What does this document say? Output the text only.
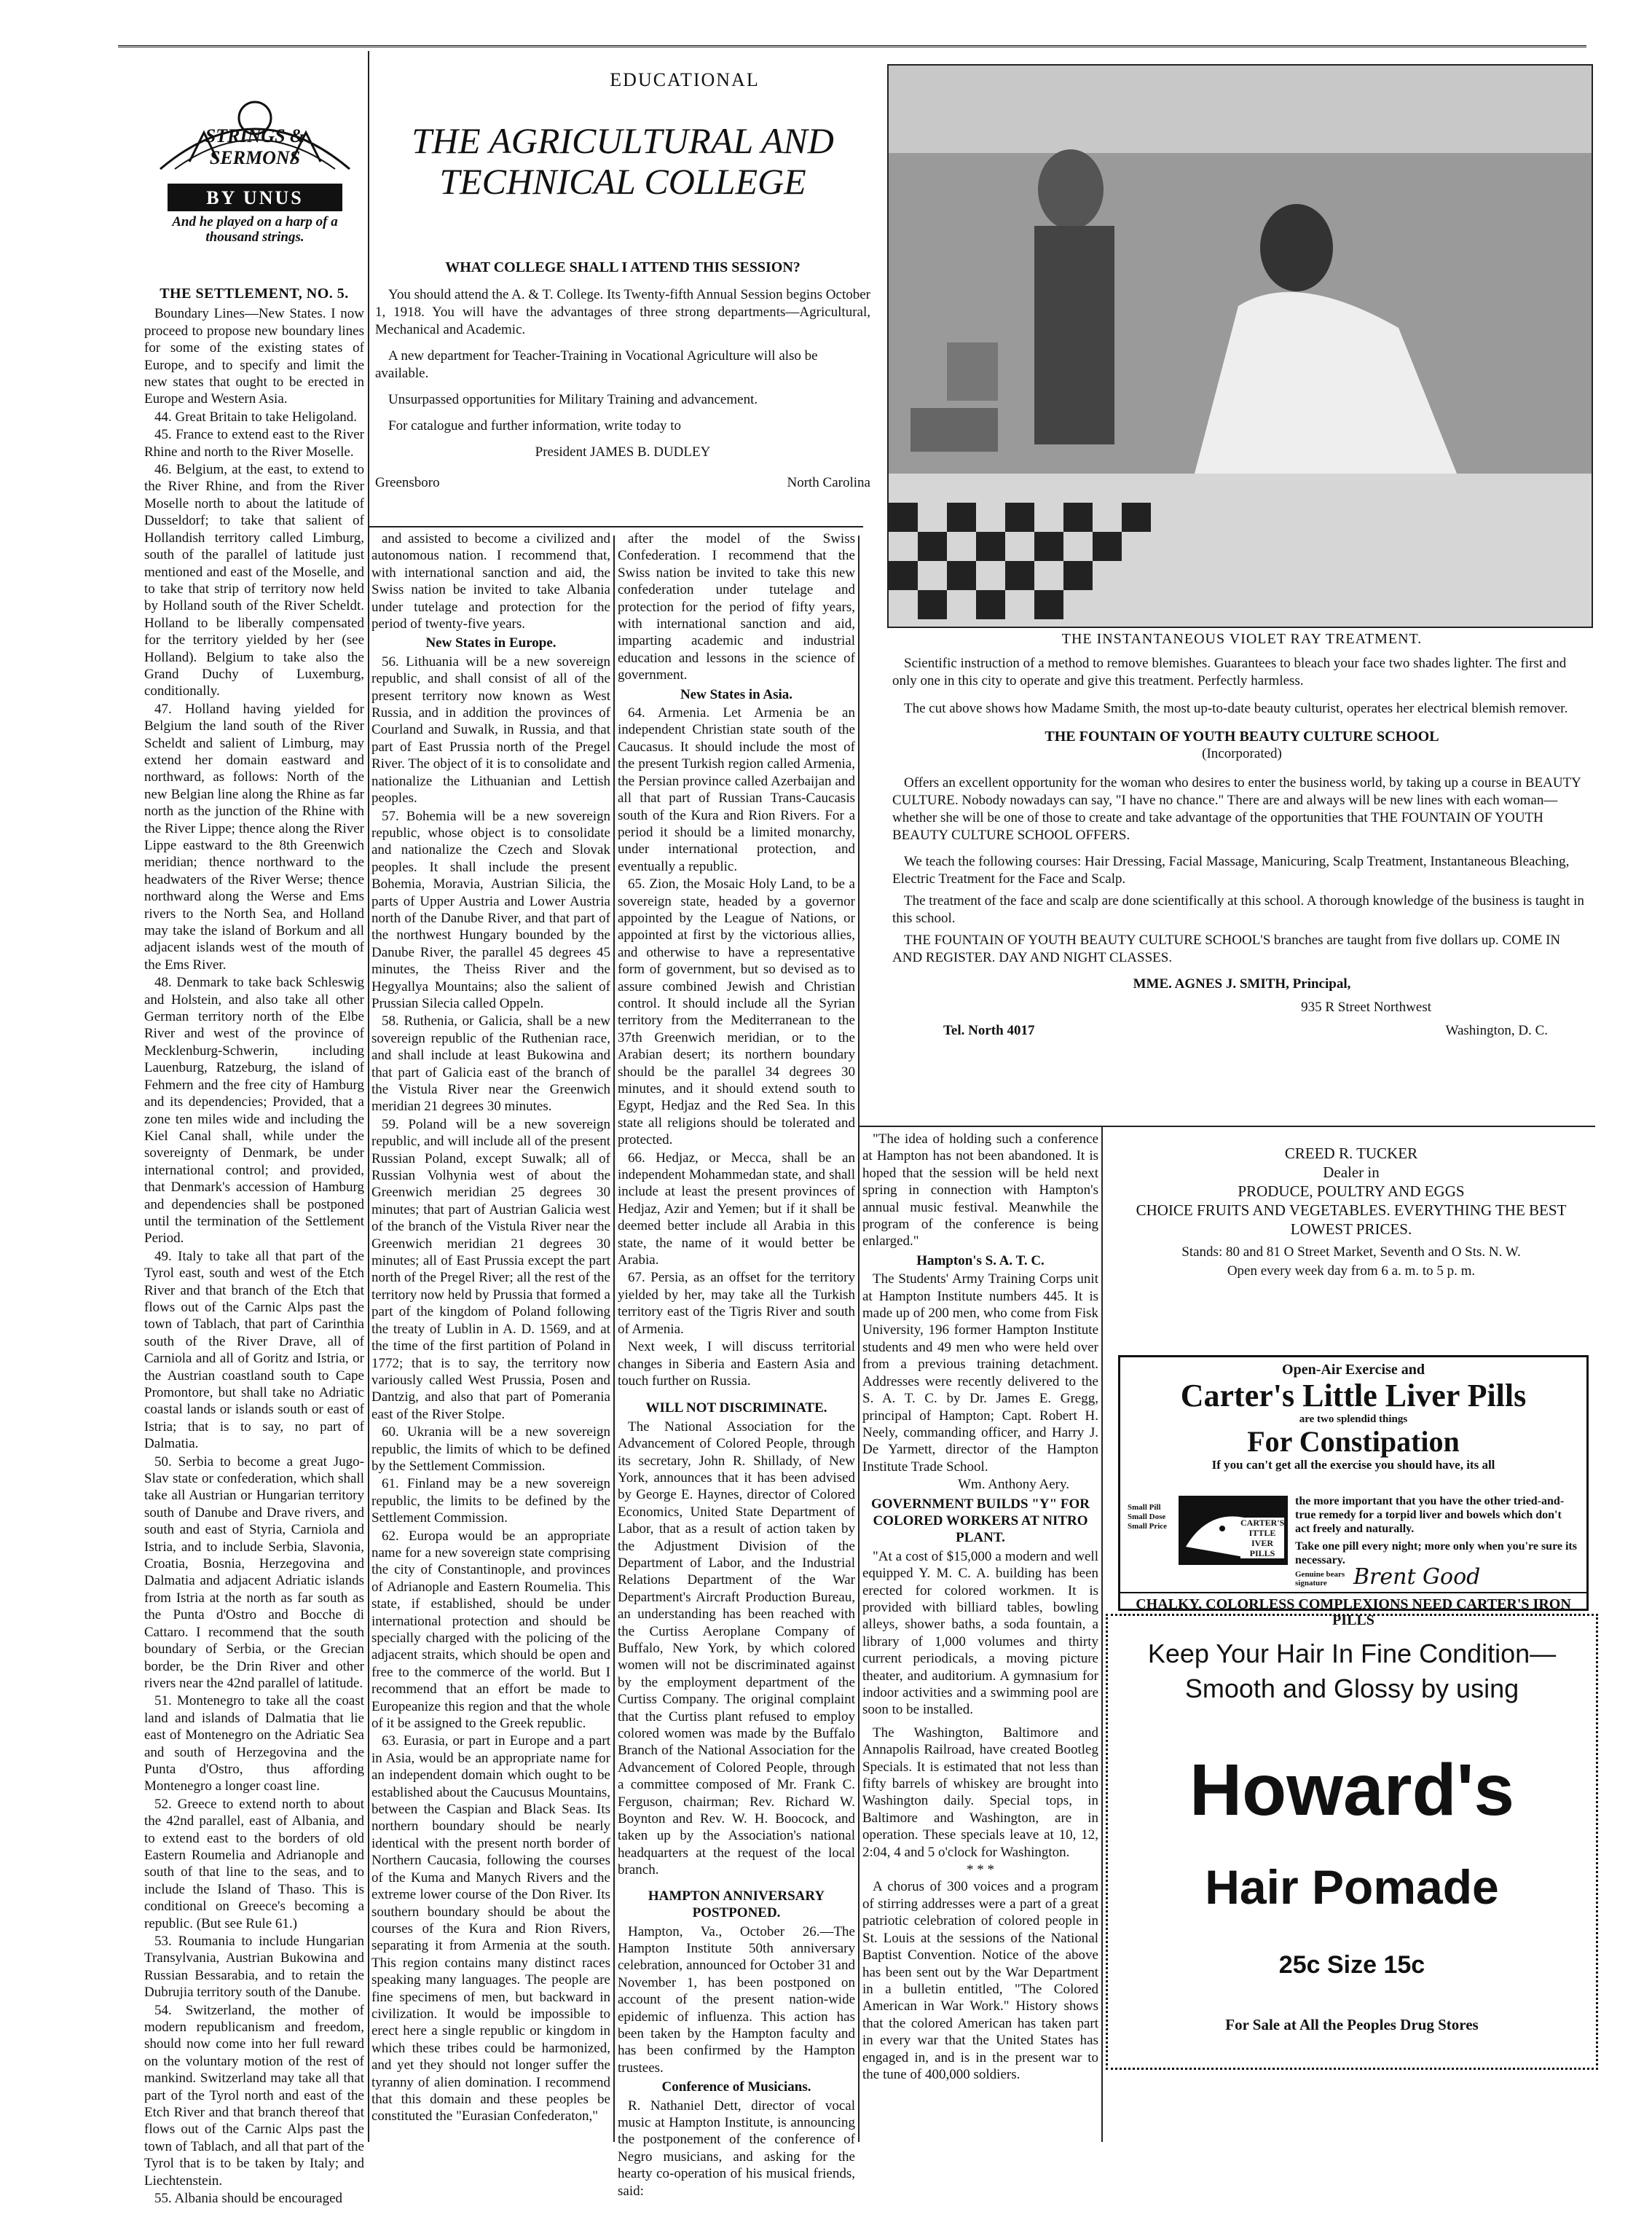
STRINGS & SERMONS
BY UNUS
And he played on a harp of a thousand strings.
THE SETTLEMENT, NO. 5.

Boundary Lines—New States. I now proceed to propose new boundary lines for some of the existing states of Europe, and to specify and limit the new states that ought to be erected in Europe and Western Asia.

44. Great Britain to take Heligoland.

45. France to extend east to the River Rhine and north to the River Moselle.

46. Belgium, at the east, to extend to the River Rhine, and from the River Moselle north to about the latitude of Dusseldorf; to take that salient of Hollandish territory called Limburg, south of the parallel of latitude just mentioned and east of the Moselle, and to take that strip of territory now held by Holland south of the River Scheldt. Holland to be liberally compensated for the territory yielded by her (see Holland). Belgium to take also the Grand Duchy of Luxemburg, conditionally.

47. Holland having yielded for Belgium the land south of the River Scheldt and salient of Limburg, may extend her domain eastward and northward, as follows: North of the new Belgian line along the Rhine as far north as the junction of the Rhine with the River Lippe; thence along the River Lippe eastward to the 8th Greenwich meridian; thence northward to the headwaters of the River Werse; thence northward along the Werse and Ems rivers to the North Sea, and Holland may take the island of Borkum and all adjacent islands west of the mouth of the Ems River.

48. Denmark to take back Schleswig and Holstein, and also take all other German territory north of the Elbe River and west of the province of Mecklenburg-Schwerin, including Lauenburg, Ratzeburg, the island of Fehmern and the free city of Hamburg and its dependencies; Provided, that a zone ten miles wide and including the Kiel Canal shall, while under the sovereignty of Denmark, be under international control; and provided, that Denmark's accession of Hamburg and dependencies shall be postponed until the termination of the Settlement Period.

49. Italy to take all that part of the Tyrol east, south and west of the Etch River and that branch of the Etch that flows out of the Carnic Alps past the town of Tablach, that part of Carinthia south of the River Drave, all of Carniola and all of Goritz and Istria, or the Austrian coastland south to Cape Promontore, but shall take no Adriatic coastal lands or islands south or east of Istria; that is to say, no part of Dalmatia.

50. Serbia to become a great Jugo-Slav state or confederation, which shall take all Austrian or Hungarian territory south of Danube and Drave rivers, and south and east of Styria, Carniola and Istria, and to include Serbia, Slavonia, Croatia, Bosnia, Herzegovina and Dalmatia and adjacent Adriatic islands from Istria at the north as far south as the Punta d'Ostro and Bocche di Cattaro. I recommend that the south boundary of Serbia, or the Grecian border, be the Drin River and other rivers near the 42nd parallel of latitude.

51. Montenegro to take all the coast land and islands of Dalmatia that lie east of Montenegro on the Adriatic Sea and south of Herzegovina and the Punta d'Ostro, thus affording Montenegro a longer coast line.

52. Greece to extend north to about the 42nd parallel, east of Albania, and to extend east to the borders of old Eastern Roumelia and Adrianople and south of that line to the seas, and to include the Island of Thaso. This is conditional on Greece's becoming a republic. (But see Rule 61.)

53. Roumania to include Hungarian Transylvania, Austrian Bukowina and Russian Bessarabia, and to retain the Dubrujia territory south of the Danube.

54. Switzerland, the mother of modern republicanism and freedom, should now come into her full reward on the voluntary motion of the rest of mankind. Switzerland may take all that part of the Tyrol north and east of the Etch River and that branch thereof that flows out of the Carnic Alps past the town of Tablach, and all that part of the Tyrol that is to be taken by Italy; and Liechtenstein.

55. Albania should be encouraged

EDUCATIONAL
THE AGRICULTURAL AND TECHNICAL COLLEGE
WHAT COLLEGE SHALL I ATTEND THIS SESSION?

You should attend the A. & T. College. Its Twenty-fifth Annual Session begins October 1, 1918. You will have the advantages of three strong departments—Agricultural, Mechanical and Academic.

A new department for Teacher-Training in Vocational Agriculture will also be available.

Unsurpassed opportunities for Military Training and advancement.

For catalogue and further information, write today to

President JAMES B. DUDLEY
Greensboro	North Carolina

and assisted to become a civilized and autonomous nation. I recommend that, with international sanction and aid, the Swiss nation be invited to take Albania under tutelage and protection for the period of twenty-five years.

New States in Europe.

56. Lithuania will be a new sovereign republic, and shall consist of all of the present territory now known as West Russia, and in addition the provinces of Courland and Suwalk, in Russia, and that part of East Prussia north of the Pregel River. The object of it is to consolidate and nationalize the Lithuanian and Lettish peoples.

57. Bohemia will be a new sovereign republic, whose object is to consolidate and nationalize the Czech and Slovak peoples. It shall include the present Bohemia, Moravia, Austrian Silicia, the parts of Upper Austria and Lower Austria north of the Danube River, and that part of the northwest Hungary bounded by the Danube River, the parallel 45 degrees 45 minutes, the Theiss River and the Hegyallya Mountains; also the salient of Prussian Silecia called Oppeln.

58. Ruthenia, or Galicia, shall be a new sovereign republic of the Ruthenian race, and shall include at least Bukowina and that part of Galicia east of the branch of the Vistula River near the Greenwich meridian 21 degrees 30 minutes.

59. Poland will be a new sovereign republic, and will include all of the present Russian Poland, except Suwalk; all of Russian Volhynia west of about the Greenwich meridian 25 degrees 30 minutes; that part of Austrian Galicia west of the branch of the Vistula River near the Greenwich meridian 21 degrees 30 minutes; all of East Prussia except the part north of the Pregel River; all the rest of the territory now held by Prussia that formed a part of the kingdom of Poland following the treaty of Lublin in A. D. 1569, and at the time of the first partition of Poland in 1772; that is to say, the territory now variously called West Prussia, Posen and Dantzig, and also that part of Pomerania east of the River Stolpe.

60. Ukrania will be a new sovereign republic, the limits of which to be defined by the Settlement Commission.

61. Finland may be a new sovereign republic, the limits to be defined by the Settlement Commission.

62. Europa would be an appropriate name for a new sovereign state comprising the city of Constantinople, and provinces of Adrianople and Eastern Roumelia. This state, if established, should be under international protection and should be specially charged with the policing of the adjacent straits, which should be open and free to the commerce of the world. But I recommend that an effort be made to Europeanize this region and that the whole of it be assigned to the Greek republic.

63. Eurasia, or part in Europe and a part in Asia, would be an appropriate name for an independent domain which ought to be established about the Caucusus Mountains, between the Caspian and Black Seas. Its northern boundary should be nearly identical with the present north border of Northern Caucasia, following the courses of the Kuma and Manych Rivers and the extreme lower course of the Don River. Its southern boundary should be about the courses of the Kura and Rion Rivers, separating it from Armenia at the south. This region contains many distinct races speaking many languages. The people are fine specimens of men, but backward in civilization. It would be impossible to erect here a single republic or kingdom in which these tribes could be harmonized, and yet they should not longer suffer the tyranny of alien domination. I recommend that this domain and these peoples be constituted the "Eurasian Confederaton,"

after the model of the Swiss Confederation. I recommend that the Swiss nation be invited to take this new confederation under tutelage and protection for the period of fifty years, with international sanction and aid, imparting academic and industrial education and lessons in the science of government.

New States in Asia.

64. Armenia. Let Armenia be an independent Christian state south of the Caucasus. It should include the most of the present Turkish region called Armenia, the Persian province called Azerbaijan and all that part of Russian Trans-Caucasis south of the Kura and Rion Rivers. For a period it should be a limited monarchy, under international protection, and eventually a republic.

65. Zion, the Mosaic Holy Land, to be a sovereign state, headed by a governor appointed by the League of Nations, or appointed at first by the victorious allies, and otherwise to have a representative form of government, but so devised as to assure combined Jewish and Christian control. It should include all the Syrian territory from the Mediterranean to the 37th Greenwich meridian, or to the Arabian desert; its northern boundary should be the parallel 34 degrees 30 minutes, and it should extend south to Egypt, Hedjaz and the Red Sea. In this state all religions should be tolerated and protected.

66. Hedjaz, or Mecca, shall be an independent Mohammedan state, and shall include at least the present provinces of Hedjaz, Azir and Yemen; but if it shall be deemed better include all Arabia in this state, the name of it would better be Arabia.

67. Persia, as an offset for the territory yielded by her, may take all the Turkish territory east of the Tigris River and south of Armenia.

Next week, I will discuss territorial changes in Siberia and Eastern Asia and touch further on Russia.

WILL NOT DISCRIMINATE.

The National Association for the Advancement of Colored People, through its secretary, John R. Shillady, of New York, announces that it has been advised by George E. Haynes, director of Colored Economics, United State Department of Labor, that as a result of action taken by the Adjustment Division of the Department of Labor, and the Industrial Relations Department of the War Department's Aircraft Production Bureau, an understanding has been reached with the Curtiss Aeroplane Company of Buffalo, New York, by which colored women will not be discriminated against by the employment department of the Curtiss Company. The original complaint that the Curtiss plant refused to employ colored women was made by the Buffalo Branch of the National Association for the Advancement of Colored People, through a committee composed of Mr. Frank C. Ferguson, chairman; Rev. Richard W. Boynton and Rev. W. H. Boocock, and taken up by the Association's national headquarters at the request of the local branch.

HAMPTON ANNIVERSARY POSTPONED.

Hampton, Va., October 26.—The Hampton Institute 50th anniversary celebration, announced for October 31 and November 1, has been postponed on account of the present nation-wide epidemic of influenza. This action has been taken by the Hampton faculty and has been confirmed by the Hampton trustees.

Conference of Musicians.

R. Nathaniel Dett, director of vocal music at Hampton Institute, is announcing the postponement of the conference of Negro musicians, and asking for the hearty co-operation of his musical friends, said:

THE INSTANTANEOUS VIOLET RAY TREATMENT.

Scientific instruction of a method to remove blemishes. Guarantees to bleach your face two shades lighter. The first and only one in this city to operate and give this treatment. Perfectly harmless.

The cut above shows how Madame Smith, the most up-to-date beauty culturist, operates her electrical blemish remover.

THE FOUNTAIN OF YOUTH BEAUTY CULTURE SCHOOL
(Incorporated)

Offers an excellent opportunity for the woman who desires to enter the business world, by taking up a course in BEAUTY CULTURE. Nobody nowadays can say, "I have no chance." There are and always will be new lines with each woman—whether she will be one of those to create and take advantage of the opportunities that THE FOUNTAIN OF YOUTH BEAUTY CULTURE SCHOOL OFFERS.

We teach the following courses: Hair Dressing, Facial Massage, Manicuring, Scalp Treatment, Instantaneous Bleaching, Electric Treatment for the Face and Scalp.

The treatment of the face and scalp are done scientifically at this school. A thorough knowledge of the business is taught in this school.

THE FOUNTAIN OF YOUTH BEAUTY CULTURE SCHOOL'S branches are taught from five dollars up. COME IN AND REGISTER. DAY AND NIGHT CLASSES.

MME. AGNES J. SMITH, Principal,
935 R Street Northwest
Tel. North 4017	Washington, D. C.

"The idea of holding such a conference at Hampton has not been abandoned. It is hoped that the session will be held next spring in connection with Hampton's annual music festival. Meanwhile the program of the conference is being enlarged."

Hampton's S. A. T. C.

The Students' Army Training Corps unit at Hampton Institute numbers 445. It is made up of 200 men, who come from Fisk University, 196 former Hampton Institute students and 49 men who were held over from a previous training detachment. Addresses were recently delivered to the S. A. T. C. by Dr. James E. Gregg, principal of Hampton; Capt. Robert H. Neely, commanding officer, and Harry J. De Yarmett, director of the Hampton Institute Trade School.

Wm. Anthony Aery.
GOVERNMENT BUILDS "Y" FOR COLORED WORKERS AT NITRO PLANT.

"At a cost of $15,000 a modern and well equipped Y. M. C. A. building has been erected for colored workmen. It is provided with billiard tables, bowling alleys, shower baths, a soda fountain, a library of 1,000 volumes and thirty current periodicals, a moving picture theater, and auditorium. A gymnasium for indoor activities and a swimming pool are soon to be installed.

The Washington, Baltimore and Annapolis Railroad, have created Bootleg Specials. It is estimated that not less than fifty barrels of whiskey are brought into Washington daily. Special tops, in Baltimore and Washington, are in operation. These specials leave at 10, 12, 2:04, 4 and 5 o'clock for Washington.

* * *

A chorus of 300 voices and a program of stirring addresses were a part of a great patriotic celebration of colored people in St. Louis at the sessions of the National Baptist Convention. Notice of the above has been sent out by the War Department in a bulletin entitled, "The Colored American in War Work." History shows that the colored American has taken part in every war that the United States has engaged in, and is in the present war to the tune of 400,000 soldiers.

CREED R. TUCKER
Dealer in
PRODUCE, POULTRY AND EGGS
CHOICE FRUITS AND VEGETABLES. EVERYTHING THE BEST LOWEST PRICES.
Stands: 80 and 81 O Street Market, Seventh and O Sts. N. W.
Open every week day from 6 a. m. to 5 p. m.
Open-Air Exercise and
Carter's Little Liver Pills
are two splendid things
For Constipation
If you can't get all the exercise you should have, its all
Small Pill Small Dose Small Price	CARTER'S ITTLE IVER PILLS
the more important that you have the other tried-and-true remedy for a torpid liver and bowels which don't act freely and naturally.
Take one pill every night; more only when you're sure its necessary.
Genuine bears signature	Brent Good
CHALKY, COLORLESS COMPLEXIONS NEED CARTER'S IRON PILLS
Keep Your Hair In Fine Condition—
Smooth and Glossy by using
Howard's
Hair Pomade
25c Size 15c
For Sale at All the Peoples Drug Stores
